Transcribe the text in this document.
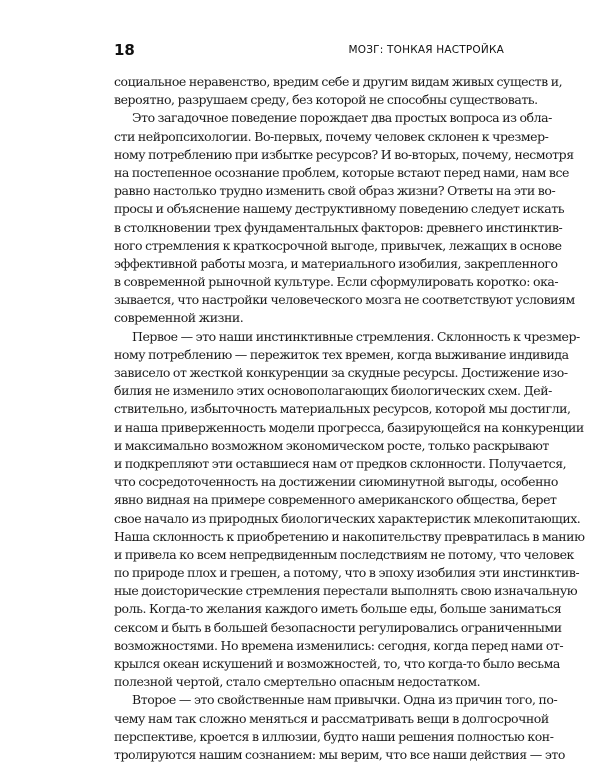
18	МОЗГ: ТОНКАЯ НАСТРОЙКА
социальное неравенство, вредим себе и другим видам живых существ и,
вероятно, разрушаем среду, без которой не способны существовать.
Это загадочное поведение порождает два простых вопроса из обла-
сти нейропсихологии. Во-первых, почему человек склонен к чрезмер-
ному потреблению при избытке ресурсов? И во-вторых, почему, несмотря
на постепенное осознание проблем, которые встают перед нами, нам все
равно настолько трудно изменить свой образ жизни? Ответы на эти во-
просы и объяснение нашему деструктивному поведению следует искать
в столкновении трех фундаментальных факторов: древнего инстинктив-
ного стремления к краткосрочной выгоде, привычек, лежащих в основе
эффективной работы мозга, и материального изобилия, закрепленного
в современной рыночной культуре. Если сформулировать коротко: ока-
зывается, что настройки человеческого мозга не соответствуют условиям
современной жизни.
Первое — это наши инстинктивные стремления. Склонность к чрезмер-
ному потреблению — пережиток тех времен, когда выживание индивида
зависело от жесткой конкуренции за скудные ресурсы. Достижение изо-
билия не изменило этих основополагающих биологических схем. Дей-
ствительно, избыточность материальных ресурсов, которой мы достигли,
и наша приверженность модели прогресса, базирующейся на конкуренции
и максимально возможном экономическом росте, только раскрывают
и подкрепляют эти оставшиеся нам от предков склонности. Получается,
что сосредоточенность на достижении сиюминутной выгоды, особенно
явно видная на примере современного американского общества, берет
свое начало из природных биологических характеристик млекопитающих.
Наша склонность к приобретению и накопительству превратилась в манию
и привела ко всем непредвиденным последствиям не потому, что человек
по природе плох и грешен, а потому, что в эпоху изобилия эти инстинктив-
ные доисторические стремления перестали выполнять свою изначальную
роль. Когда-то желания каждого иметь больше еды, больше заниматься
сексом и быть в большей безопасности регулировались ограниченными
возможностями. Но времена изменились: сегодня, когда перед нами от-
крылся океан искушений и возможностей, то, что когда-то было весьма
полезной чертой, стало смертельно опасным недостатком.
Второе — это свойственные нам привычки. Одна из причин того, по-
чему нам так сложно меняться и рассматривать вещи в долгосрочной
перспективе, кроется в иллюзии, будто наши решения полностью кон-
тролируются нашим сознанием: мы верим, что все наши действия — это
